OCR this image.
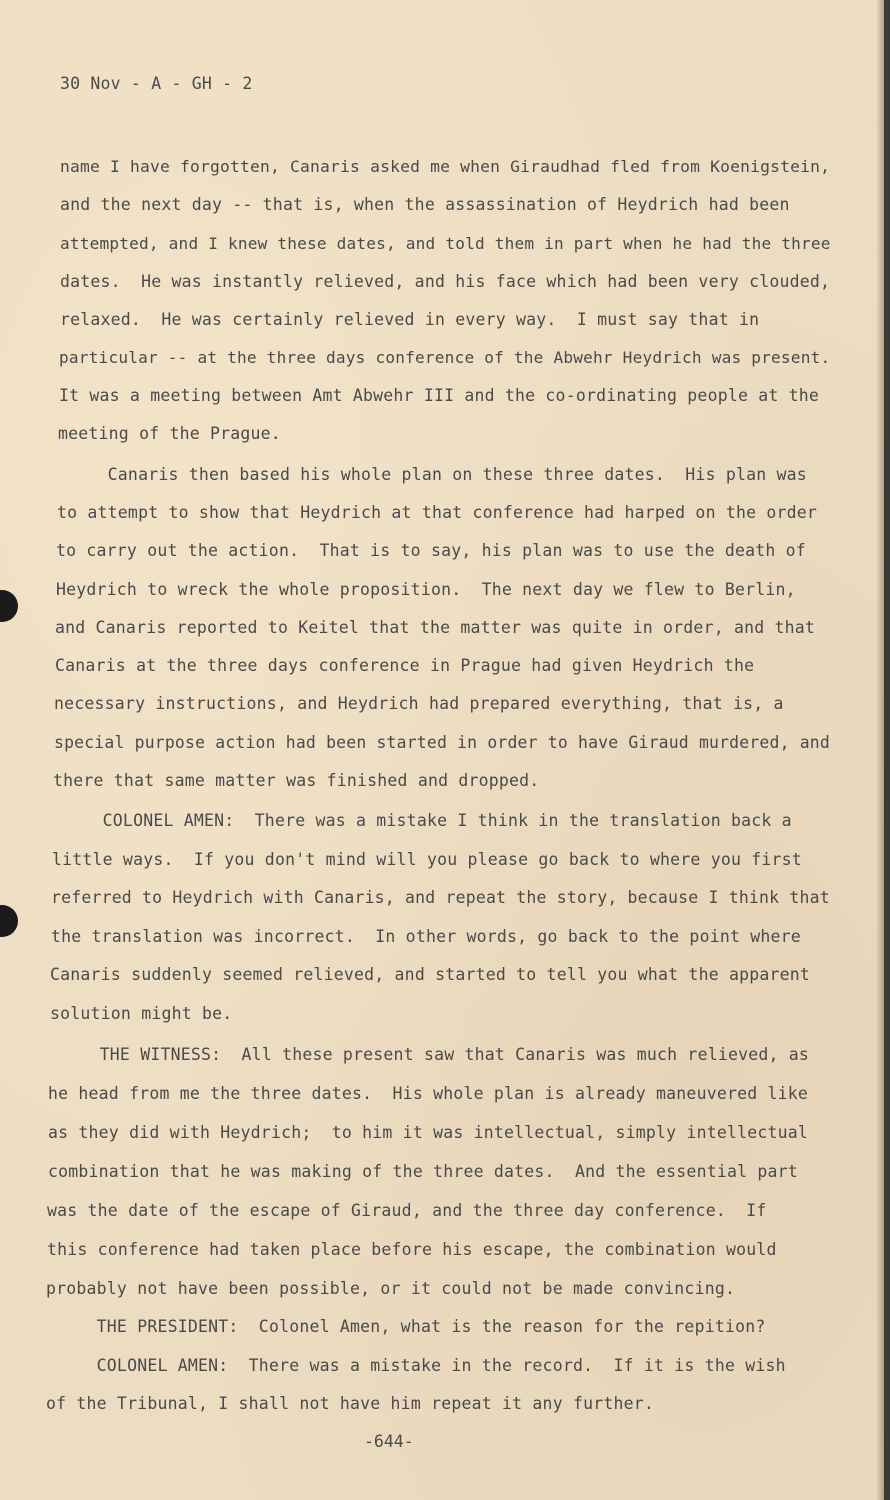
30 Nov - A - GH - 2
name I have forgotten, Canaris asked me when Giraudhad fled from Koenigstein,
and the next day -- that is, when the assassination of Heydrich had been
attempted, and I knew these dates, and told them in part when he had the three
dates.  He was instantly relieved, and his face which had been very clouded,
relaxed.  He was certainly relieved in every way.  I must say that in
particular -- at the three days conference of the Abwehr Heydrich was present.
It was a meeting between Amt Abwehr III and the co-ordinating people at the
meeting of the Prague.
Canaris then based his whole plan on these three dates.  His plan was
to attempt to show that Heydrich at that conference had harped on the order
to carry out the action.  That is to say, his plan was to use the death of
Heydrich to wreck the whole proposition.  The next day we flew to Berlin,
and Canaris reported to Keitel that the matter was quite in order, and that
Canaris at the three days conference in Prague had given Heydrich the
necessary instructions, and Heydrich had prepared everything, that is, a
special purpose action had been started in order to have Giraud murdered, and
there that same matter was finished and dropped.
COLONEL AMEN:  There was a mistake I think in the translation back a
little ways.  If you don't mind will you please go back to where you first
referred to Heydrich with Canaris, and repeat the story, because I think that
the translation was incorrect.  In other words, go back to the point where
Canaris suddenly seemed relieved, and started to tell you what the apparent
solution might be.
THE WITNESS:  All these present saw that Canaris was much relieved, as
he head from me the three dates.  His whole plan is already maneuvered like
as they did with Heydrich;  to him it was intellectual, simply intellectual
combination that he was making of the three dates.  And the essential part
was the date of the escape of Giraud, and the three day conference.  If
this conference had taken place before his escape, the combination would
probably not have been possible, or it could not be made convincing.
THE PRESIDENT:  Colonel Amen, what is the reason for the repition?
COLONEL AMEN:  There was a mistake in the record.  If it is the wish
of the Tribunal, I shall not have him repeat it any further.
-644-
